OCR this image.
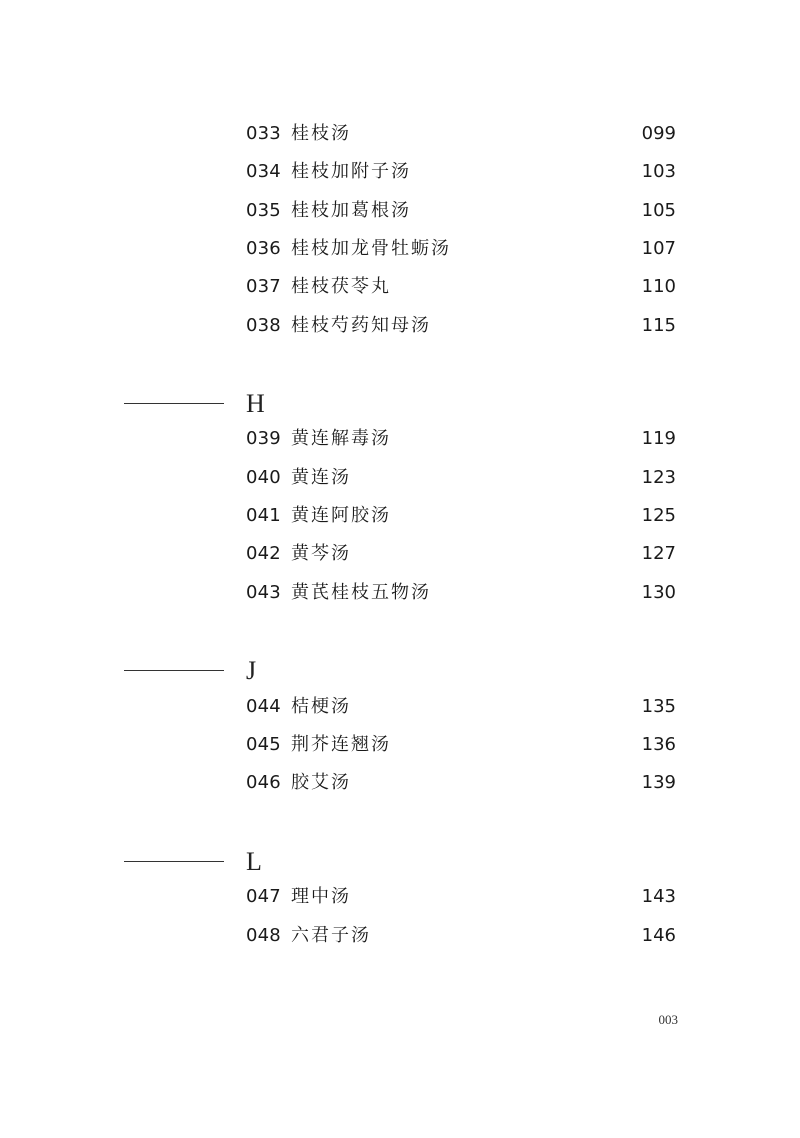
033 桂枝汤	099
034 桂枝加附子汤	103
035 桂枝加葛根汤	105
036 桂枝加龙骨牡蛎汤	107
037 桂枝茯苓丸	110
038 桂枝芍药知母汤	115
H
039 黄连解毒汤	119
040 黄连汤	123
041 黄连阿胶汤	125
042 黄芩汤	127
043 黄芪桂枝五物汤	130
J
044 桔梗汤	135
045 荆芥连翘汤	136
046 胶艾汤	139
L
047 理中汤	143
048 六君子汤	146
003
